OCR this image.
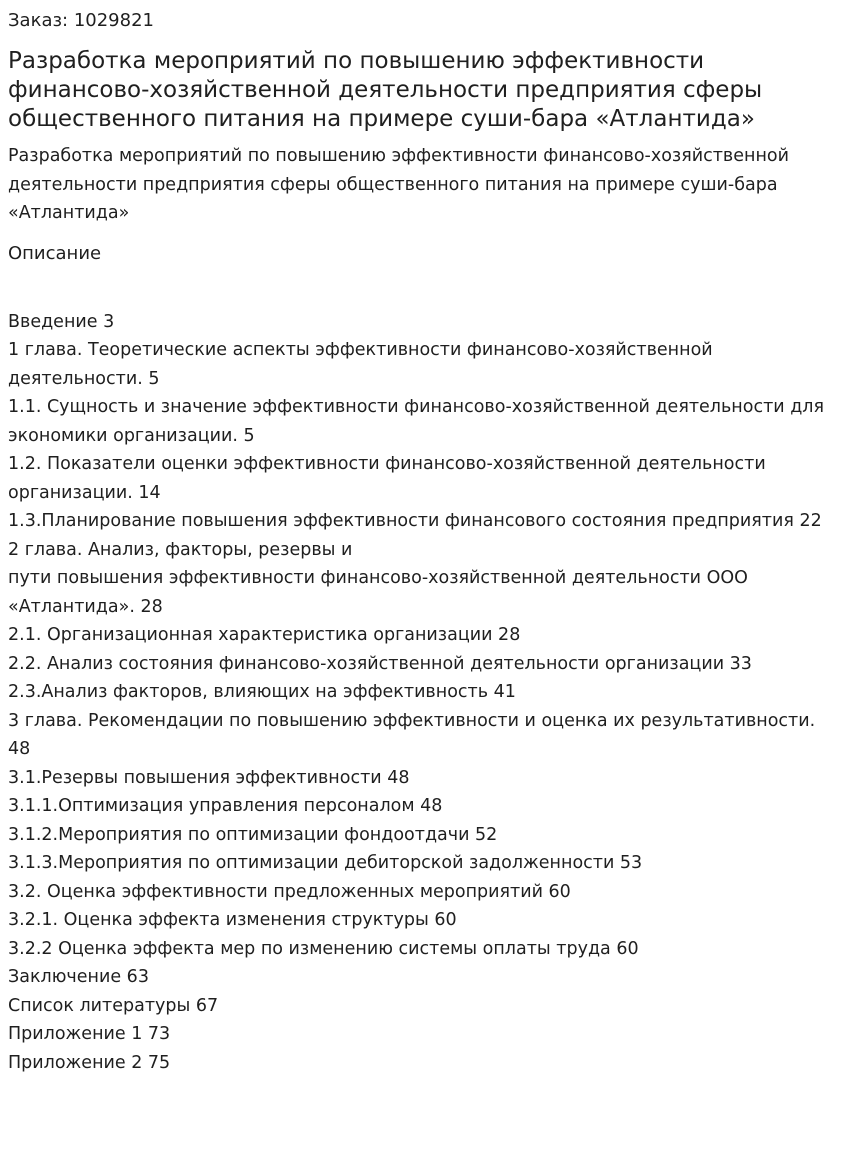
Заказ: 1029821
Разработка мероприятий по повышению эффективности финансово-хозяйственной деятельности предприятия сферы общественного питания на примере суши-бара «Атлантида»
Разработка мероприятий по повышению эффективности финансово-хозяйственной деятельности предприятия сферы общественного питания на примере суши-бара «Атлантида»
Описание
Введение 3
1 глава. Теоретические аспекты эффективности финансово-хозяйственной деятельности. 5
1.1. Сущность и значение эффективности финансово-хозяйственной деятельности для экономики организации. 5
1.2. Показатели оценки эффективности финансово-хозяйственной деятельности организации. 14
1.3.Планирование повышения эффективности финансового состояния предприятия 22
2 глава. Анализ, факторы, резервы и
пути повышения эффективности финансово-хозяйственной деятельности ООО «Атлантида». 28
2.1. Организационная характеристика организации 28
2.2. Анализ состояния финансово-хозяйственной деятельности организации 33
2.3.Анализ факторов, влияющих на эффективность 41
3 глава. Рекомендации по повышению эффективности и оценка их результативности. 48
3.1.Резервы повышения эффективности 48
3.1.1.Оптимизация управления персоналом 48
3.1.2.Мероприятия по оптимизации фондоотдачи 52
3.1.3.Мероприятия по оптимизации дебиторской задолженности 53
3.2. Оценка эффективности предложенных мероприятий 60
3.2.1. Оценка эффекта изменения структуры 60
3.2.2 Оценка эффекта мер по изменению системы оплаты труда 60
Заключение 63
Список литературы 67
Приложение 1 73
Приложение 2 75
